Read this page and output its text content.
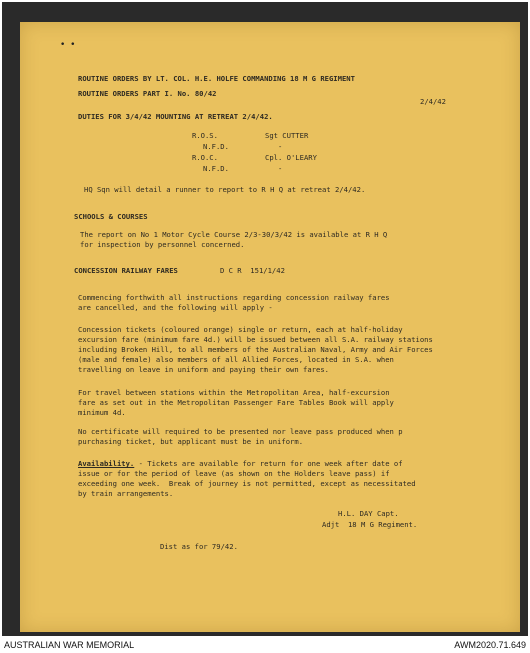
• •

ROUTINE ORDERS BY LT. COL. H.E. HOLFE COMMANDING 18 M G REGIMENT

ROUTINE ORDERS PART I. No. 80/42

2/4/42

DUTIES FOR 3/4/42 MOUNTING AT RETREAT 2/4/42.

R.O.S.	Sgt CUTTER

N.F.D.	-

R.O.C.	Cpl. O'LEARY

N.F.D.	-

HQ Sqn will detail a runner to report to R H Q at retreat 2/4/42.

SCHOOLS & COURSES

The report on No 1 Motor Cycle Course 2/3-30/3/42 is available at R H Q
for inspection by personnel concerned.

CONCESSION RAILWAY FARES	D C R  151/1/42

Commencing forthwith all instructions regarding concession railway fares
are cancelled, and the following will apply -

Concession tickets (coloured orange) single or return, each at half-holiday
excursion fare (minimum fare 4d.) will be issued between all S.A. railway stations
including Broken Hill, to all members of the Australian Naval, Army and Air Forces
(male and female) also members of all Allied Forces, located in S.A. when
travelling on leave in uniform and paying their own fares.

For travel between stations within the Metropolitan Area, half-excursion
fare as set out in the Metropolitan Passenger Fare Tables Book will apply
minimum 4d.

No certificate will required to be presented nor leave pass produced when p
purchasing ticket, but applicant must be in uniform.

Availability. - Tickets are available for return for one week after date of
issue or for the period of leave (as shown on the Holders leave pass) if
exceeding one week.  Break of journey is not permitted, except as necessitated
by train arrangements.

H.L. DAY Capt.

Adjt  18 M G Regiment.

Dist as for 79/42.

AUSTRALIAN WAR MEMORIAL	AWM2020.71.649
